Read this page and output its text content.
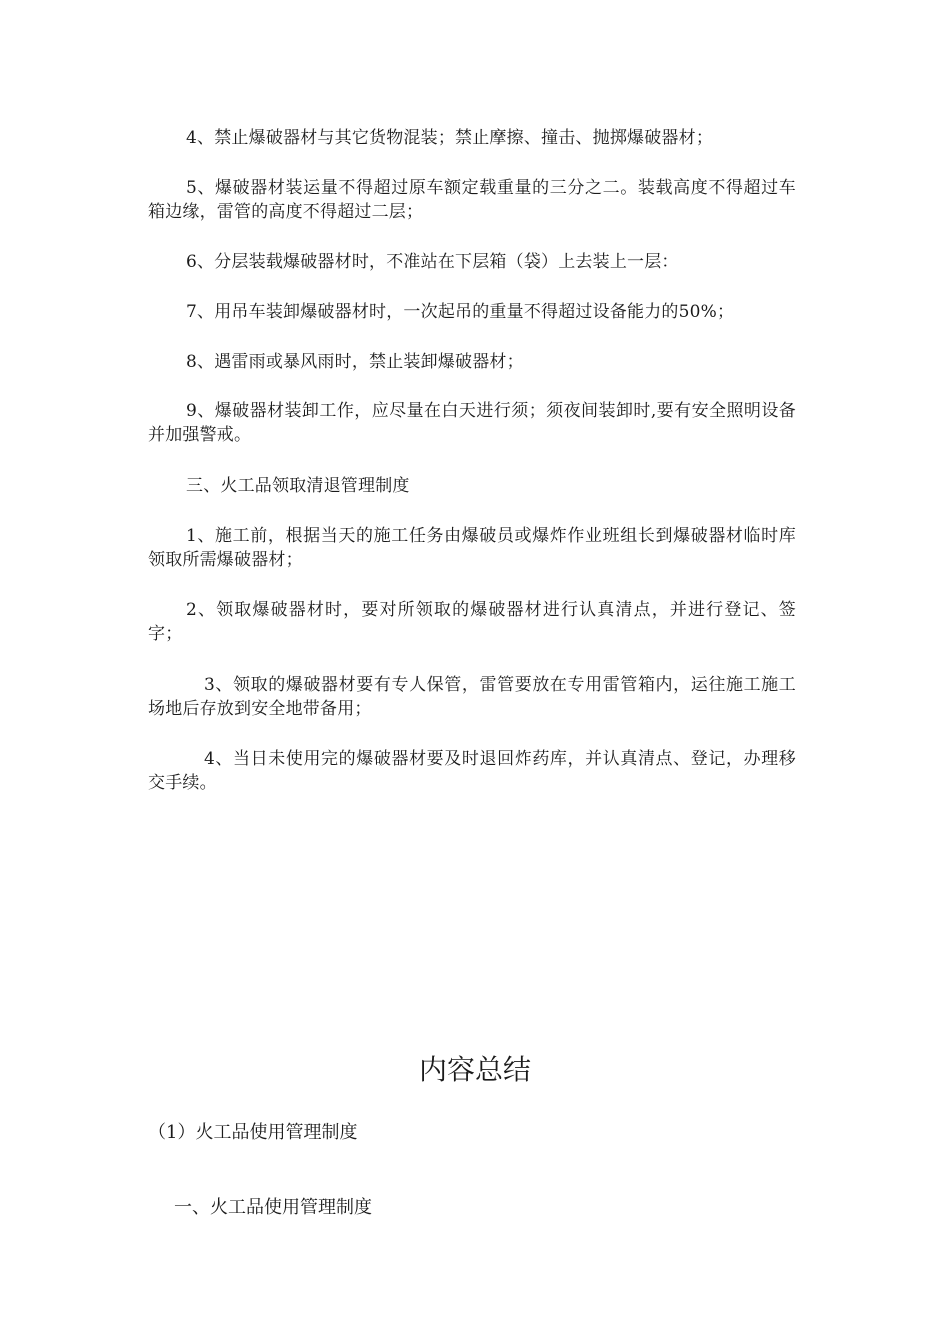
4、禁止爆破器材与其它货物混装；禁止摩擦、撞击、抛掷爆破器材；

5、爆破器材装运量不得超过原车额定载重量的三分之二。装载高度不得超过车箱边缘，雷管的高度不得超过二层；

6、分层装载爆破器材时，不准站在下层箱（袋）上去装上一层：

7、用吊车装卸爆破器材时，一次起吊的重量不得超过设备能力的50%；

8、遇雷雨或暴风雨时，禁止装卸爆破器材；

9、爆破器材装卸工作，应尽量在白天进行须；须夜间装卸时,要有安全照明设备并加强警戒。

三、火工品领取清退管理制度

1、施工前，根据当天的施工任务由爆破员或爆炸作业班组长到爆破器材临时库领取所需爆破器材；

2、领取爆破器材时，要对所领取的爆破器材进行认真清点，并进行登记、签字；

3、领取的爆破器材要有专人保管，雷管要放在专用雷管箱内，运往施工施工场地后存放到安全地带备用；

4、当日未使用完的爆破器材要及时退回炸药库，并认真清点、登记，办理移交手续。

内容总结

（1）火工品使用管理制度

一、火工品使用管理制度
